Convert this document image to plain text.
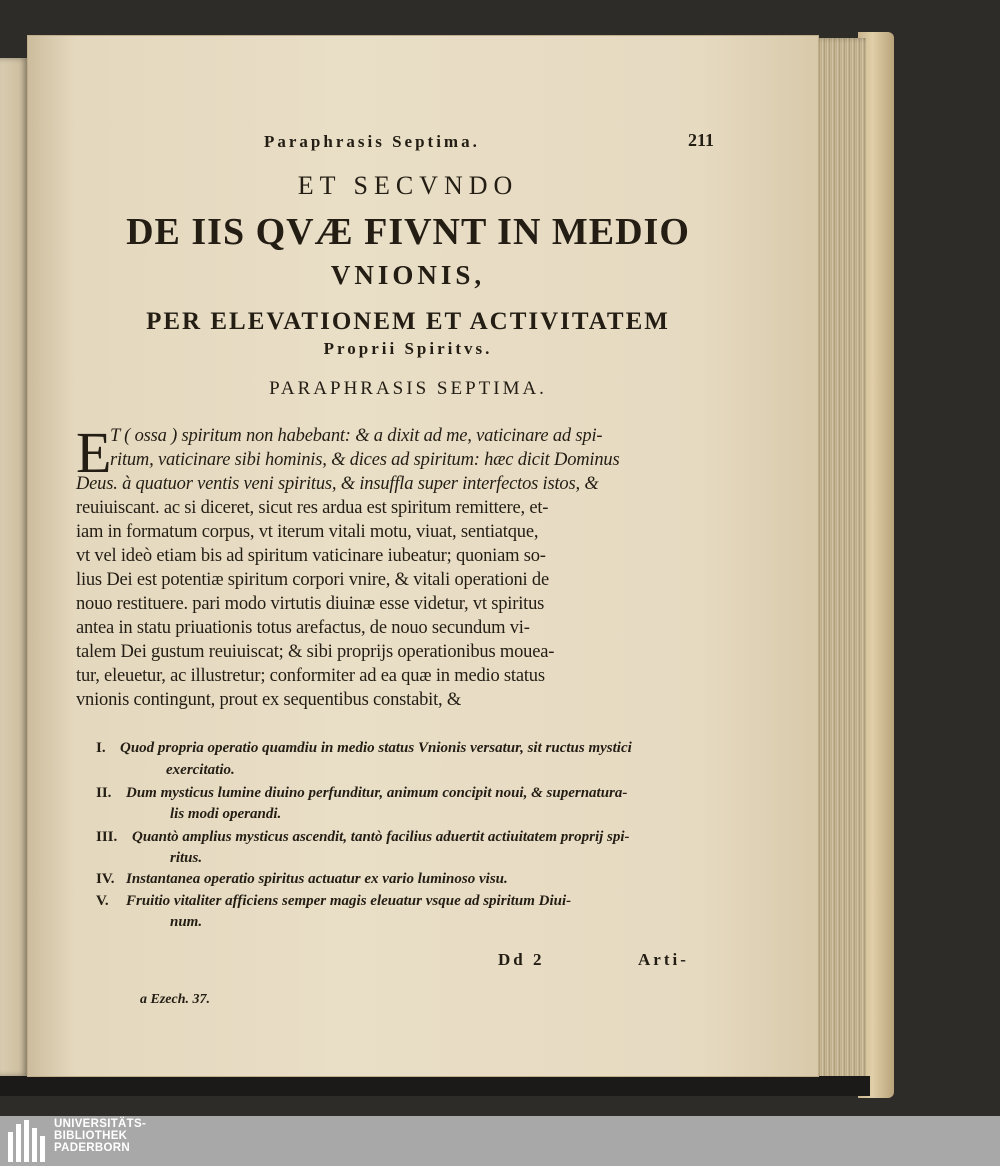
Paraphrasis Septima.	211
ET SECVNDO
DE IIS QVÆ FIVNT IN MEDIO
VNIONIS,
PER ELEVATIONEM ET ACTIVITATEM
Proprii Spiritvs.
PARAPHRASIS SEPTIMA.
E
T ( ossa ) spiritum non habebant: & a dixit ad me, vaticinare ad spi-
ritum, vaticinare sibi hominis, & dices ad spiritum: hæc dicit Dominus
Deus. à quatuor ventis veni spiritus, & insuffla super interfectos istos, &
reuiuiscant. ac si diceret, sicut res ardua est spiritum remittere, et-
iam in formatum corpus, vt iterum vitali motu, viuat, sentiatque,
vt vel ideò etiam bis ad spiritum vaticinare iubeatur; quoniam so-
lius Dei est potentiæ spiritum corpori vnire, & vitali operationi de
nouo restituere. pari modo virtutis diuinæ esse videtur, vt spiritus
antea in statu priuationis totus arefactus, de nouo secundum vi-
talem Dei gustum reuiuiscat; & sibi proprijs operationibus mouea-
tur, eleuetur, ac illustretur; conformiter ad ea quæ in medio status
vnionis contingunt, prout ex sequentibus constabit, &
I. Quod propria operatio quamdiu in medio status Vnionis versatur, sit ructus mystici
exercitatio.
II. Dum mysticus lumine diuino perfunditur, animum concipit noui, & supernatura-
lis modi operandi.
III. Quantò amplius mysticus ascendit, tantò facilius aduertit actiuitatem proprij spi-
ritus.
IV. Instantanea operatio spiritus actuatur ex vario luminoso visu.
V. Fruitio vitaliter afficiens semper magis eleuatur vsque ad spiritum Diui-
num.
Dd 2	Arti-
a Ezech. 37.
UNIVERSITÄTS-
BIBLIOTHEK
PADERBORN
